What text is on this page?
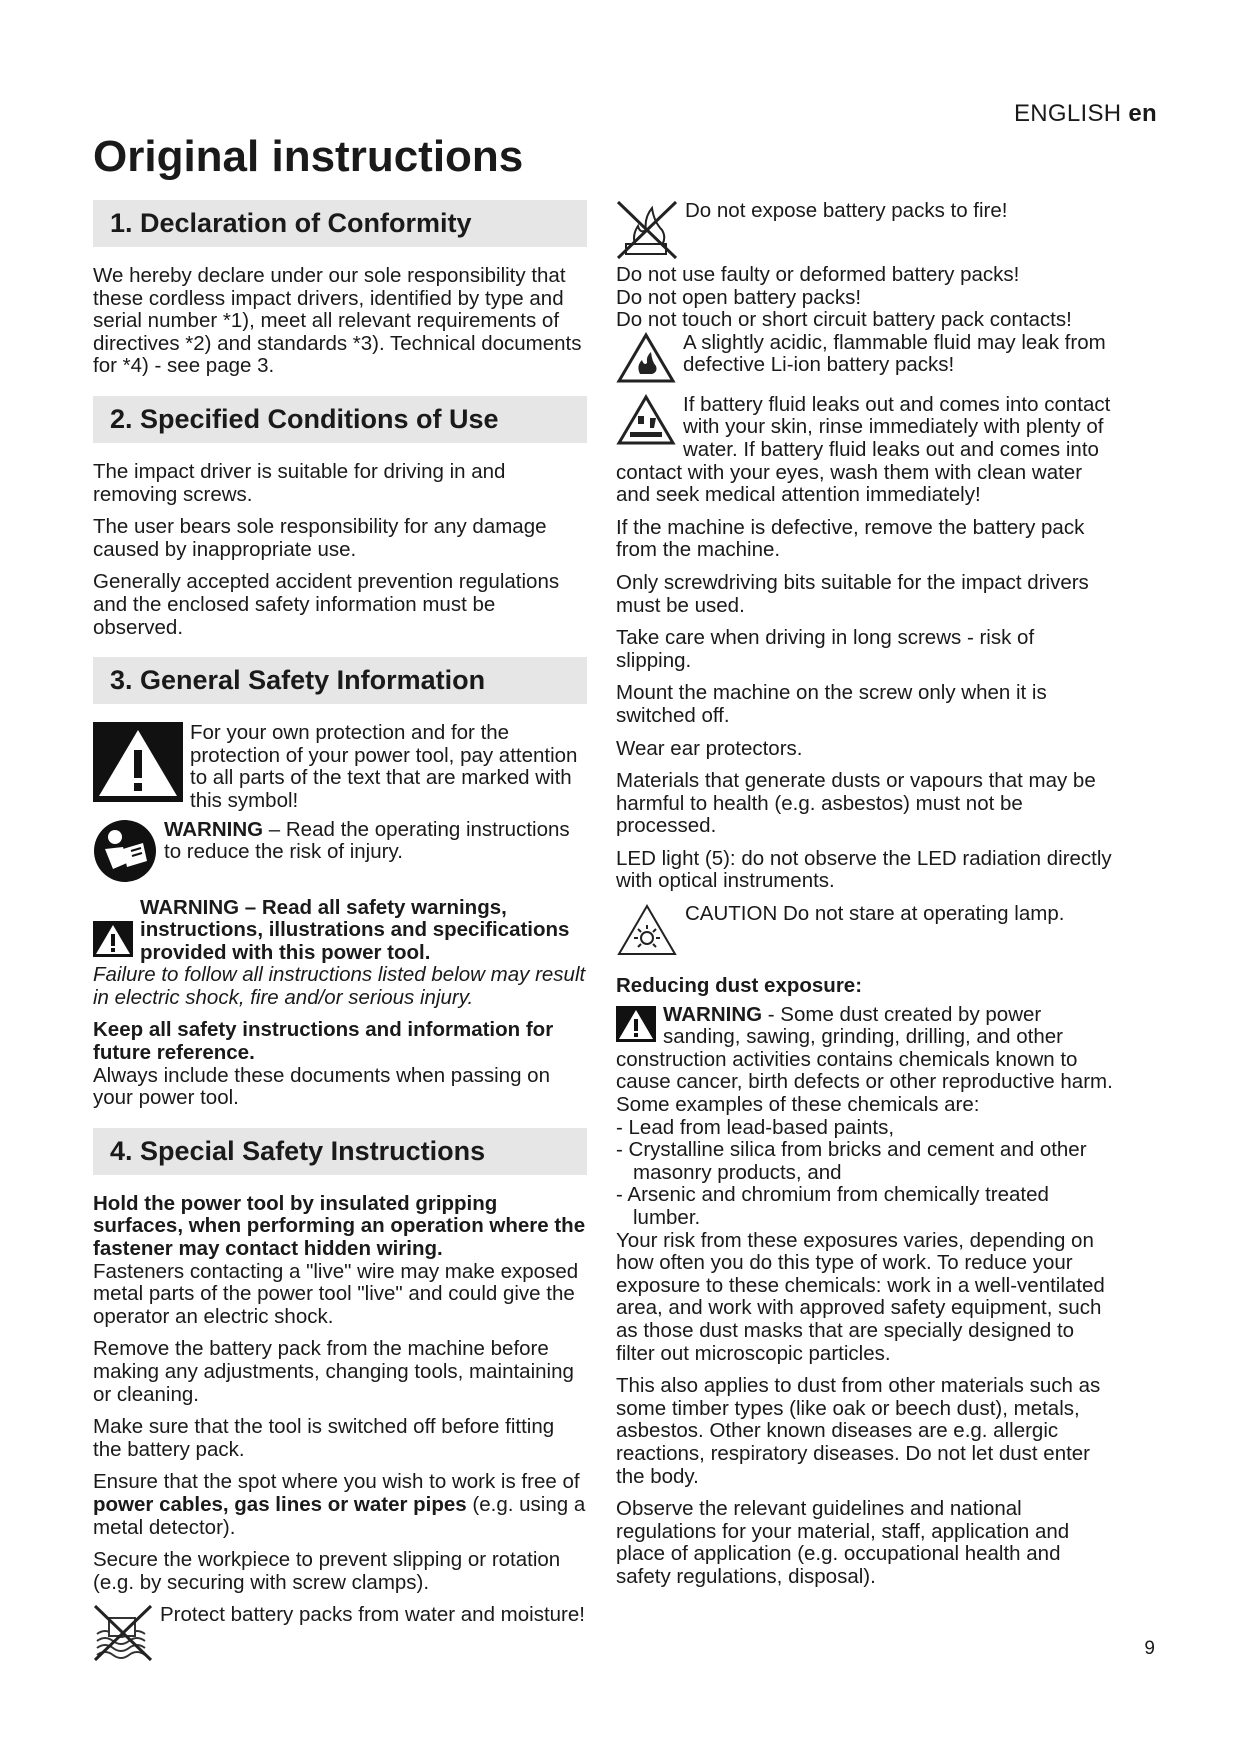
ENGLISH en
Original instructions
1. Declaration of Conformity

We hereby declare under our sole responsibility that these cordless impact drivers, identified by type and serial number *1), meet all relevant requirements of directives *2) and standards *3). Technical documents for *4) - see page 3.

2. Specified Conditions of Use

The impact driver is suitable for driving in and removing screws.

The user bears sole responsibility for any damage caused by inappropriate use.

Generally accepted accident prevention regulations and the enclosed safety information must be observed.

3. General Safety Information

For your own protection and for the protection of your power tool, pay attention to all parts of the text that are marked with this symbol!

WARNING – Read the operating instructions to reduce the risk of injury.

WARNING – Read all safety warnings, instructions, illustrations and specifications provided with this power tool.

Failure to follow all instructions listed below may result in electric shock, fire and/or serious injury.

Keep all safety instructions and information for future reference.

Always include these documents when passing on your power tool.

4. Special Safety Instructions

Hold the power tool by insulated gripping surfaces, when performing an operation where the fastener may contact hidden wiring.

Fasteners contacting a "live" wire may make exposed metal parts of the power tool "live" and could give the operator an electric shock.

Remove the battery pack from the machine before making any adjustments, changing tools, maintaining or cleaning.

Make sure that the tool is switched off before fitting the battery pack.

Ensure that the spot where you wish to work is free of power cables, gas lines or water pipes (e.g. using a metal detector).

Secure the workpiece to prevent slipping or rotation (e.g. by securing with screw clamps).

Protect battery packs from water and moisture!

Do not expose battery packs to fire!

Do not use faulty or deformed battery packs!

Do not open battery packs!

Do not touch or short circuit battery pack contacts!

A slightly acidic, flammable fluid may leak from defective Li-ion battery packs!

If battery fluid leaks out and comes into contact with your skin, rinse immediately with plenty of water. If battery fluid leaks out and comes into contact with your eyes, wash them with clean water and seek medical attention immediately!

If the machine is defective, remove the battery pack from the machine.

Only screwdriving bits suitable for the impact drivers must be used.

Take care when driving in long screws - risk of slipping.

Mount the machine on the screw only when it is switched off.

Wear ear protectors.

Materials that generate dusts or vapours that may be harmful to health (e.g. asbestos) must not be processed.

LED light (5): do not observe the LED radiation directly with optical instruments.

CAUTION Do not stare at operating lamp.

Reducing dust exposure:

WARNING - Some dust created by power sanding, sawing, grinding, drilling, and other construction activities contains chemicals known to cause cancer, birth defects or other reproductive harm. Some examples of these chemicals are:

- Lead from lead-based paints,
- Crystalline silica from bricks and cement and other masonry products, and
- Arsenic and chromium from chemically treated lumber.

Your risk from these exposures varies, depending on how often you do this type of work. To reduce your exposure to these chemicals: work in a well-ventilated area, and work with approved safety equipment, such as those dust masks that are specially designed to filter out microscopic particles.

This also applies to dust from other materials such as some timber types (like oak or beech dust), metals, asbestos. Other known diseases are e.g. allergic reactions, respiratory diseases. Do not let dust enter the body.

Observe the relevant guidelines and national regulations for your material, staff, application and place of application (e.g. occupational health and safety regulations, disposal).

9
